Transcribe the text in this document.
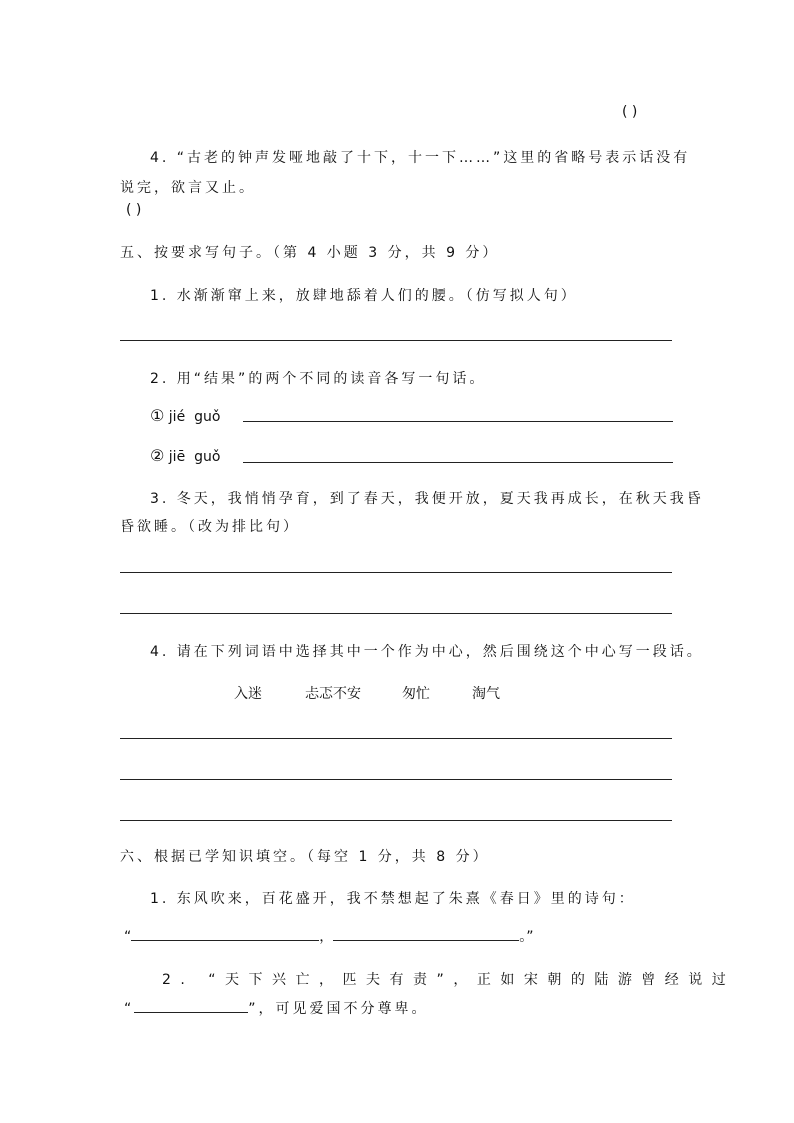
( )
4. “古老的钟声发哑地敲了十下，十一下……”这里的省略号表示话没有
说完，欲言又止。
( )
五、按要求写句子。（第 4 小题 3 分，共 9 分）
1. 水渐渐窜上来，放肆地舔着人们的腰。（仿写拟人句）
2. 用“结果”的两个不同的读音各写一句话。
① jié  guǒ
② jiē  guǒ
3. 冬天，我悄悄孕育，到了春天，我便开放，夏天我再成长，在秋天我昏
昏欲睡。（改为排比句）
4. 请在下列词语中选择其中一个作为中心，然后围绕这个中心写一段话。
入迷	忐忑不安	匆忙	淘气
六、根据已学知识填空。（每空 1 分，共 8 分）
1. 东风吹来，百花盛开，我不禁想起了朱熹《春日》里的诗句：
“	，	。”
2. “天下兴亡，匹夫有责”，正如宋朝的陆游曾经说过
“	”，可见爱国不分尊卑。
